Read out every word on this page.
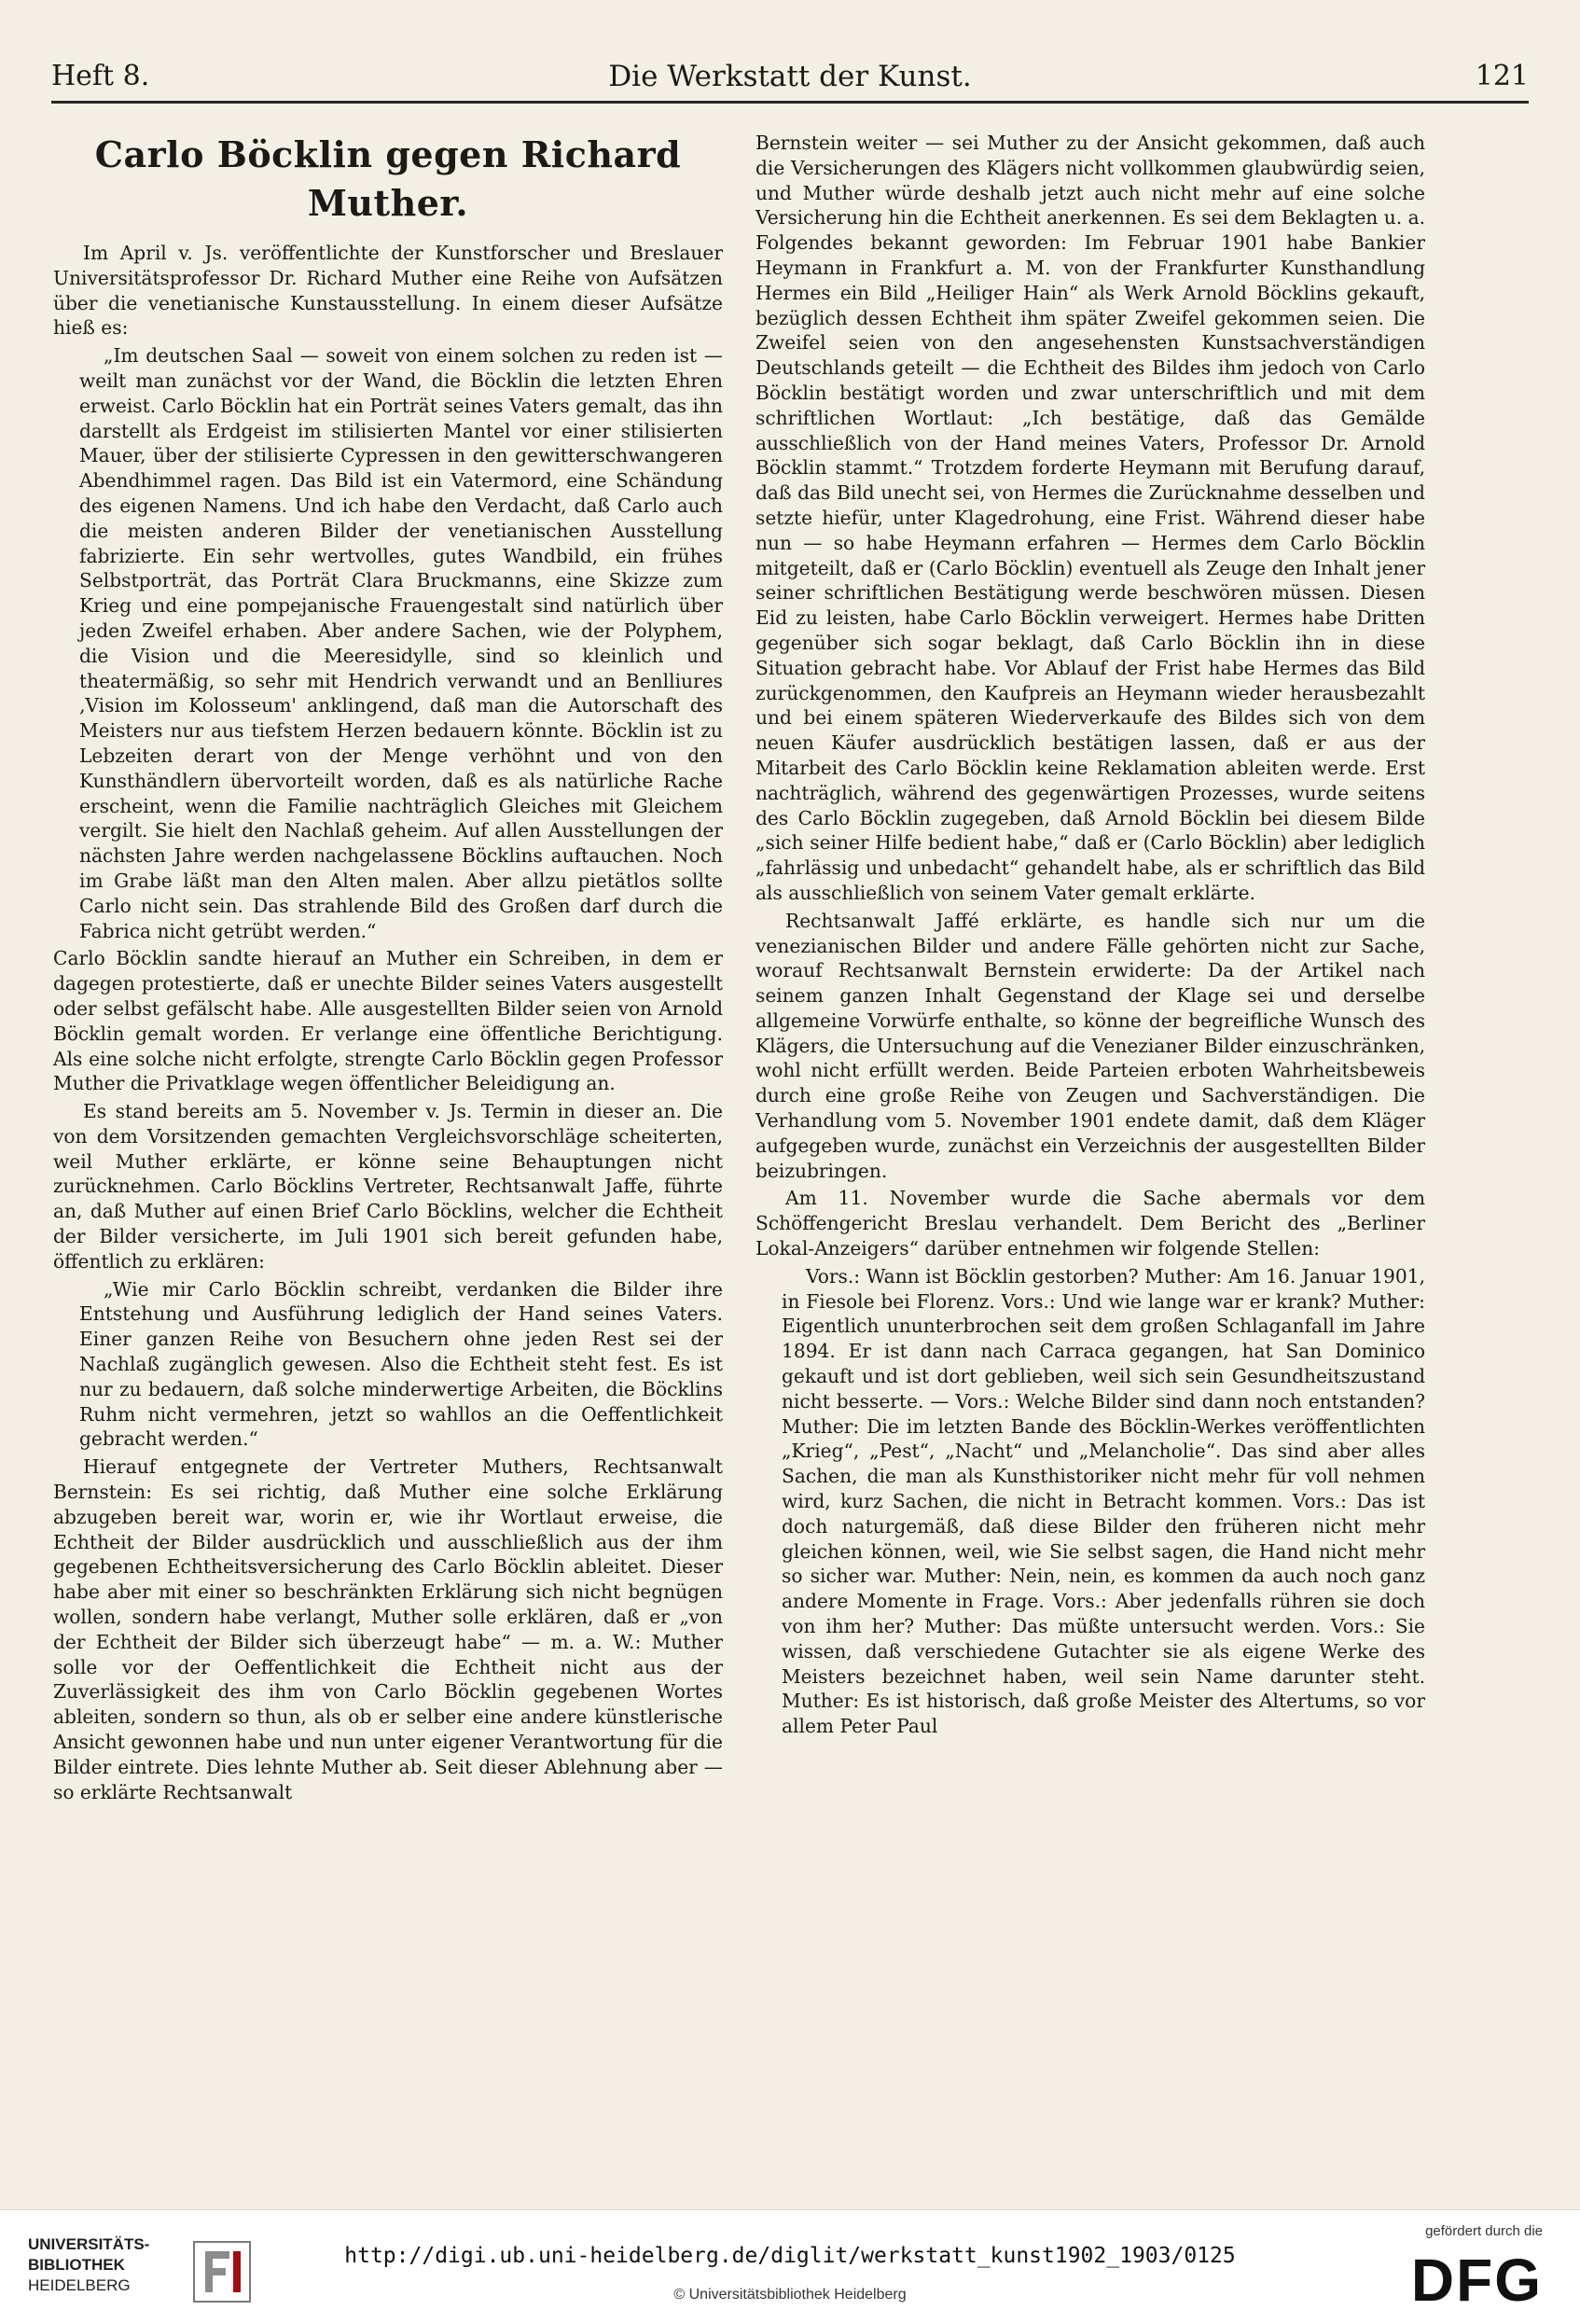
Heft 8.	Die Werkstatt der Kunst.	121
Carlo Böcklin gegen Richard Muther.

Im April v. Js. veröffentlichte der Kunstforscher und Breslauer Universitätsprofessor Dr. Richard Muther eine Reihe von Aufsätzen über die venetianische Kunstausstellung. In einem dieser Aufsätze hieß es:

„Im deutschen Saal — soweit von einem solchen zu reden ist — weilt man zunächst vor der Wand, die Böcklin die letzten Ehren erweist. Carlo Böcklin hat ein Porträt seines Vaters gemalt, das ihn darstellt als Erdgeist im stilisierten Mantel vor einer stilisierten Mauer, über der stilisierte Cypressen in den gewitterschwangeren Abendhimmel ragen. Das Bild ist ein Vatermord, eine Schändung des eigenen Namens. Und ich habe den Verdacht, daß Carlo auch die meisten anderen Bilder der venetianischen Ausstellung fabrizierte. Ein sehr wertvolles, gutes Wandbild, ein frühes Selbstporträt, das Porträt Clara Bruckmanns, eine Skizze zum Krieg und eine pompejanische Frauengestalt sind natürlich über jeden Zweifel erhaben. Aber andere Sachen, wie der Polyphem, die Vision und die Meeresidylle, sind so kleinlich und theatermäßig, so sehr mit Hendrich verwandt und an Benlliures ‚Vision im Kolosseum' anklingend, daß man die Autorschaft des Meisters nur aus tiefstem Herzen bedauern könnte. Böcklin ist zu Lebzeiten derart von der Menge verhöhnt und von den Kunsthändlern übervorteilt worden, daß es als natürliche Rache erscheint, wenn die Familie nachträglich Gleiches mit Gleichem vergilt. Sie hielt den Nachlaß geheim. Auf allen Ausstellungen der nächsten Jahre werden nachgelassene Böcklins auftauchen. Noch im Grabe läßt man den Alten malen. Aber allzu pietätlos sollte Carlo nicht sein. Das strahlende Bild des Großen darf durch die Fabrica nicht getrübt werden.“

Carlo Böcklin sandte hierauf an Muther ein Schreiben, in dem er dagegen protestierte, daß er unechte Bilder seines Vaters ausgestellt oder selbst gefälscht habe. Alle ausgestellten Bilder seien von Arnold Böcklin gemalt worden. Er verlange eine öffentliche Berichtigung. Als eine solche nicht erfolgte, strengte Carlo Böcklin gegen Professor Muther die Privatklage wegen öffentlicher Beleidigung an.

Es stand bereits am 5. November v. Js. Termin in dieser an. Die von dem Vorsitzenden gemachten Vergleichsvorschläge scheiterten, weil Muther erklärte, er könne seine Behauptungen nicht zurücknehmen. Carlo Böcklins Vertreter, Rechtsanwalt Jaffe, führte an, daß Muther auf einen Brief Carlo Böcklins, welcher die Echtheit der Bilder versicherte, im Juli 1901 sich bereit gefunden habe, öffentlich zu erklären:

„Wie mir Carlo Böcklin schreibt, verdanken die Bilder ihre Entstehung und Ausführung lediglich der Hand seines Vaters. Einer ganzen Reihe von Besuchern ohne jeden Rest sei der Nachlaß zugänglich gewesen. Also die Echtheit steht fest. Es ist nur zu bedauern, daß solche minderwertige Arbeiten, die Böcklins Ruhm nicht vermehren, jetzt so wahllos an die Oeffentlichkeit gebracht werden.“

Hierauf entgegnete der Vertreter Muthers, Rechtsanwalt Bernstein: Es sei richtig, daß Muther eine solche Erklärung abzugeben bereit war, worin er, wie ihr Wortlaut erweise, die Echtheit der Bilder ausdrücklich und ausschließlich aus der ihm gegebenen Echtheitsversicherung des Carlo Böcklin ableitet. Dieser habe aber mit einer so beschränkten Erklärung sich nicht begnügen wollen, sondern habe verlangt, Muther solle erklären, daß er „von der Echtheit der Bilder sich überzeugt habe“ — m. a. W.: Muther solle vor der Oeffentlichkeit die Echtheit nicht aus der Zuverlässigkeit des ihm von Carlo Böcklin gegebenen Wortes ableiten, sondern so thun, als ob er selber eine andere künstlerische Ansicht gewonnen habe und nun unter eigener Verantwortung für die Bilder eintrete. Dies lehnte Muther ab. Seit dieser Ablehnung aber — so erklärte Rechtsanwalt

Bernstein weiter — sei Muther zu der Ansicht gekommen, daß auch die Versicherungen des Klägers nicht vollkommen glaubwürdig seien, und Muther würde deshalb jetzt auch nicht mehr auf eine solche Versicherung hin die Echtheit anerkennen. Es sei dem Beklagten u. a. Folgendes bekannt geworden: Im Februar 1901 habe Bankier Heymann in Frankfurt a. M. von der Frankfurter Kunsthandlung Hermes ein Bild „Heiliger Hain“ als Werk Arnold Böcklins gekauft, bezüglich dessen Echtheit ihm später Zweifel gekommen seien. Die Zweifel seien von den angesehensten Kunstsachverständigen Deutschlands geteilt — die Echtheit des Bildes ihm jedoch von Carlo Böcklin bestätigt worden und zwar unterschriftlich und mit dem schriftlichen Wortlaut: „Ich bestätige, daß das Gemälde ausschließlich von der Hand meines Vaters, Professor Dr. Arnold Böcklin stammt.“ Trotzdem forderte Heymann mit Berufung darauf, daß das Bild unecht sei, von Hermes die Zurücknahme desselben und setzte hiefür, unter Klagedrohung, eine Frist. Während dieser habe nun — so habe Heymann erfahren — Hermes dem Carlo Böcklin mitgeteilt, daß er (Carlo Böcklin) eventuell als Zeuge den Inhalt jener seiner schriftlichen Bestätigung werde beschwören müssen. Diesen Eid zu leisten, habe Carlo Böcklin verweigert. Hermes habe Dritten gegenüber sich sogar beklagt, daß Carlo Böcklin ihn in diese Situation gebracht habe. Vor Ablauf der Frist habe Hermes das Bild zurückgenommen, den Kaufpreis an Heymann wieder herausbezahlt und bei einem späteren Wiederverkaufe des Bildes sich von dem neuen Käufer ausdrücklich bestätigen lassen, daß er aus der Mitarbeit des Carlo Böcklin keine Reklamation ableiten werde. Erst nachträglich, während des gegenwärtigen Prozesses, wurde seitens des Carlo Böcklin zugegeben, daß Arnold Böcklin bei diesem Bilde „sich seiner Hilfe bedient habe,“ daß er (Carlo Böcklin) aber lediglich „fahrlässig und unbedacht“ gehandelt habe, als er schriftlich das Bild als ausschließlich von seinem Vater gemalt erklärte.

Rechtsanwalt Jaffé erklärte, es handle sich nur um die venezianischen Bilder und andere Fälle gehörten nicht zur Sache, worauf Rechtsanwalt Bernstein erwiderte: Da der Artikel nach seinem ganzen Inhalt Gegenstand der Klage sei und derselbe allgemeine Vorwürfe enthalte, so könne der begreifliche Wunsch des Klägers, die Untersuchung auf die Venezianer Bilder einzuschränken, wohl nicht erfüllt werden. Beide Parteien erboten Wahrheitsbeweis durch eine große Reihe von Zeugen und Sachverständigen. Die Verhandlung vom 5. November 1901 endete damit, daß dem Kläger aufgegeben wurde, zunächst ein Verzeichnis der ausgestellten Bilder beizubringen.

Am 11. November wurde die Sache abermals vor dem Schöffengericht Breslau verhandelt. Dem Bericht des „Berliner Lokal-Anzeigers“ darüber entnehmen wir folgende Stellen:

Vors.: Wann ist Böcklin gestorben? Muther: Am 16. Januar 1901, in Fiesole bei Florenz. Vors.: Und wie lange war er krank? Muther: Eigentlich ununterbrochen seit dem großen Schlaganfall im Jahre 1894. Er ist dann nach Carraca gegangen, hat San Dominico gekauft und ist dort geblieben, weil sich sein Gesundheitszustand nicht besserte. — Vors.: Welche Bilder sind dann noch entstanden? Muther: Die im letzten Bande des Böcklin-Werkes veröffentlichten „Krieg“, „Pest“, „Nacht“ und „Melancholie“. Das sind aber alles Sachen, die man als Kunsthistoriker nicht mehr für voll nehmen wird, kurz Sachen, die nicht in Betracht kommen. Vors.: Das ist doch naturgemäß, daß diese Bilder den früheren nicht mehr gleichen können, weil, wie Sie selbst sagen, die Hand nicht mehr so sicher war. Muther: Nein, nein, es kommen da auch noch ganz andere Momente in Frage. Vors.: Aber jedenfalls rühren sie doch von ihm her? Muther: Das müßte untersucht werden. Vors.: Sie wissen, daß verschiedene Gutachter sie als eigene Werke des Meisters bezeichnet haben, weil sein Name darunter steht. Muther: Es ist historisch, daß große Meister des Altertums, so vor allem Peter Paul

UNIVERSITÄTS-
BIBLIOTHEK
HEIDELBERG
http://digi.ub.uni-heidelberg.de/diglit/werkstatt_kunst1902_1903/0125
© Universitätsbibliothek Heidelberg
gefördert durch die
DFG
